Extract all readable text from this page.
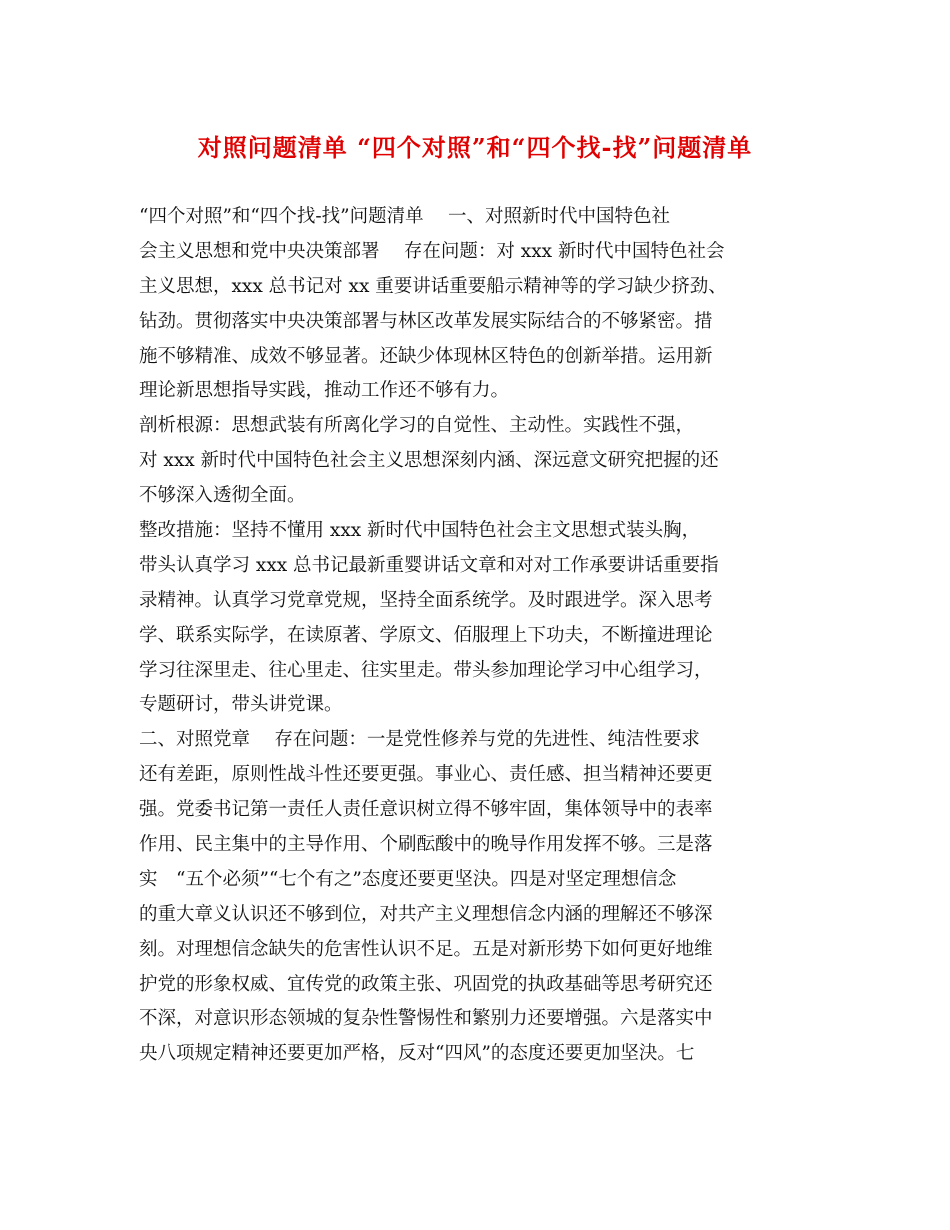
对照问题清单 “四个对照”和“四个找-找”问题清单
“四个对照”和“四个找-找”问题清单　 一、对照新时代中国特色社
会主义思想和党中央决策部署　 存在问题：对 xxx 新时代中国特色社会
主义思想，xxx 总书记对 xx 重要讲话重要船示精神等的学习缺少挤劲、
钻劲。贯彻落实中央决策部署与林区改革发展实际结合的不够紧密。措
施不够精准、成效不够显著。还缺少体现林区特色的创新举措。运用新
理论新思想指导实践，推动工作还不够有力。
剖析根源：思想武装有所离化学习的自觉性、主动性。实践性不强，
对 xxx 新时代中国特色社会主义思想深刻内涵、深远意文研究把握的还
不够深入透彻全面。
整改措施：坚持不懂用 xxx 新时代中国特色社会主文思想式装头胸，
带头认真学习 xxx 总书记最新重婴讲话文章和对对工作承要讲话重要指
录精神。认真学习党章党规，坚持全面系统学。及时跟进学。深入思考
学、联系实际学，在读原著、学原文、佰服理上下功夫，不断撞进理论
学习往深里走、往心里走、往实里走。带头参加理论学习中心组学习，
专题研讨，带头讲党课。
二、对照党章　 存在问题：一是党性修养与党的先进性、纯洁性要求
还有差距，原则性战斗性还要更强。事业心、责任感、担当精神还要更
强。党委书记第一责任人责任意识树立得不够牢固，集体领导中的表率
作用、民主集中的主导作用、个刷酝酸中的晚导作用发挥不够。三是落
实　“五个必须”“七个有之”态度还要更坚決。四是对坚定理想信念
的重大章义认识还不够到位，对共产主义理想信念内涵的理解还不够深
刻。对理想信念缺失的危害性认识不足。五是对新形势下如何更好地维
护党的形象权威、宜传党的政策主张、巩固党的执政基础等思考研究还
不深，对意识形态领城的复杂性警惕性和繁别力还要增强。六是落实中
央八项规定精神还要更加严格，反对“四风”的态度还要更加坚決。七
